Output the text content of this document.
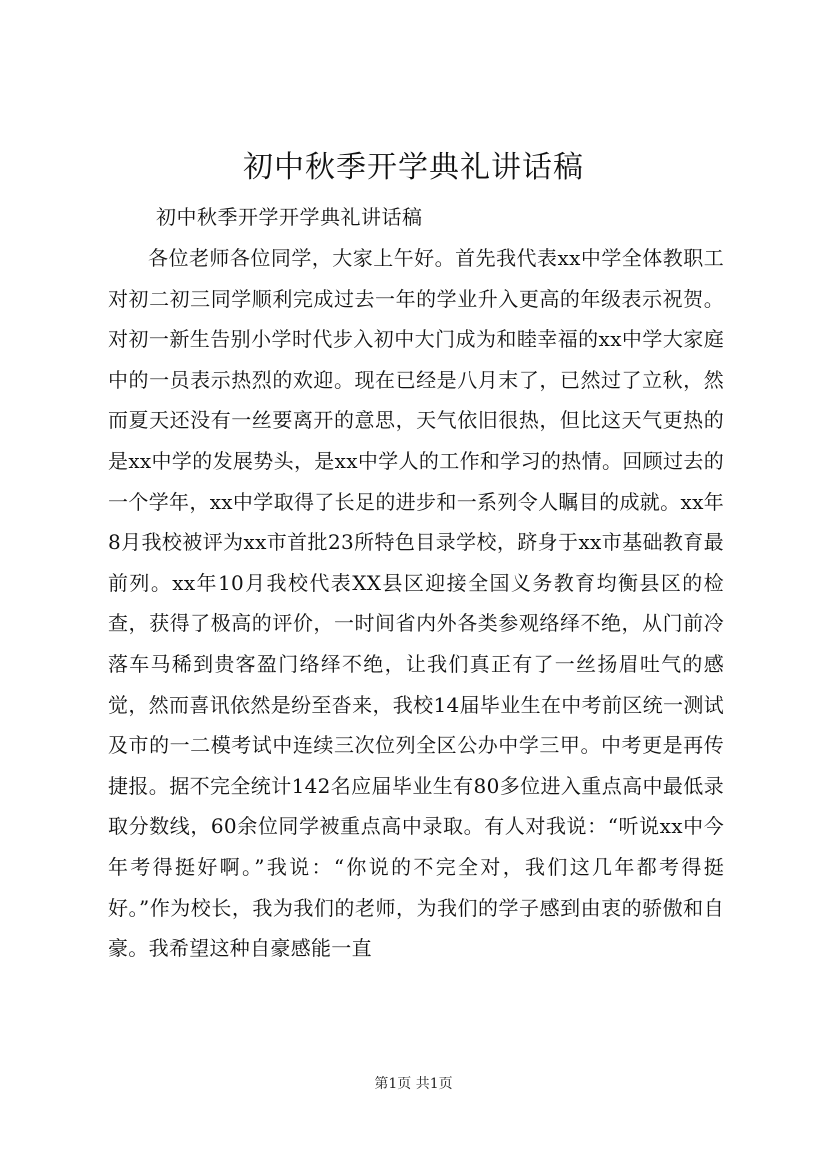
初中秋季开学典礼讲话稿
初中秋季开学开学典礼讲话稿
各位老师各位同学，大家上午好。首先我代表xx中学全体教职工对初二初三同学顺利完成过去一年的学业升入更高的年级表示祝贺。对初一新生告别小学时代步入初中大门成为和睦幸福的xx中学大家庭中的一员表示热烈的欢迎。现在已经是八月末了，已然过了立秋，然而夏天还没有一丝要离开的意思，天气依旧很热，但比这天气更热的是xx中学的发展势头，是xx中学人的工作和学习的热情。回顾过去的一个学年，xx中学取得了长足的进步和一系列令人瞩目的成就。xx年8月我校被评为xx市首批23所特色目录学校，跻身于xx市基础教育最前列。xx年10月我校代表XX县区迎接全国义务教育均衡县区的检查，获得了极高的评价，一时间省内外各类参观络绎不绝，从门前冷落车马稀到贵客盈门络绎不绝，让我们真正有了一丝扬眉吐气的感觉，然而喜讯依然是纷至沓来，我校14届毕业生在中考前区统一测试及市的一二模考试中连续三次位列全区公办中学三甲。中考更是再传捷报。据不完全统计142名应届毕业生有80多位进入重点高中最低录取分数线，60余位同学被重点高中录取。有人对我说：“听说xx中今年考得挺好啊。”我说：“你说的不完全对，我们这几年都考得挺好。”作为校长，我为我们的老师，为我们的学子感到由衷的骄傲和自豪。我希望这种自豪感能一直
第1页 共1页
